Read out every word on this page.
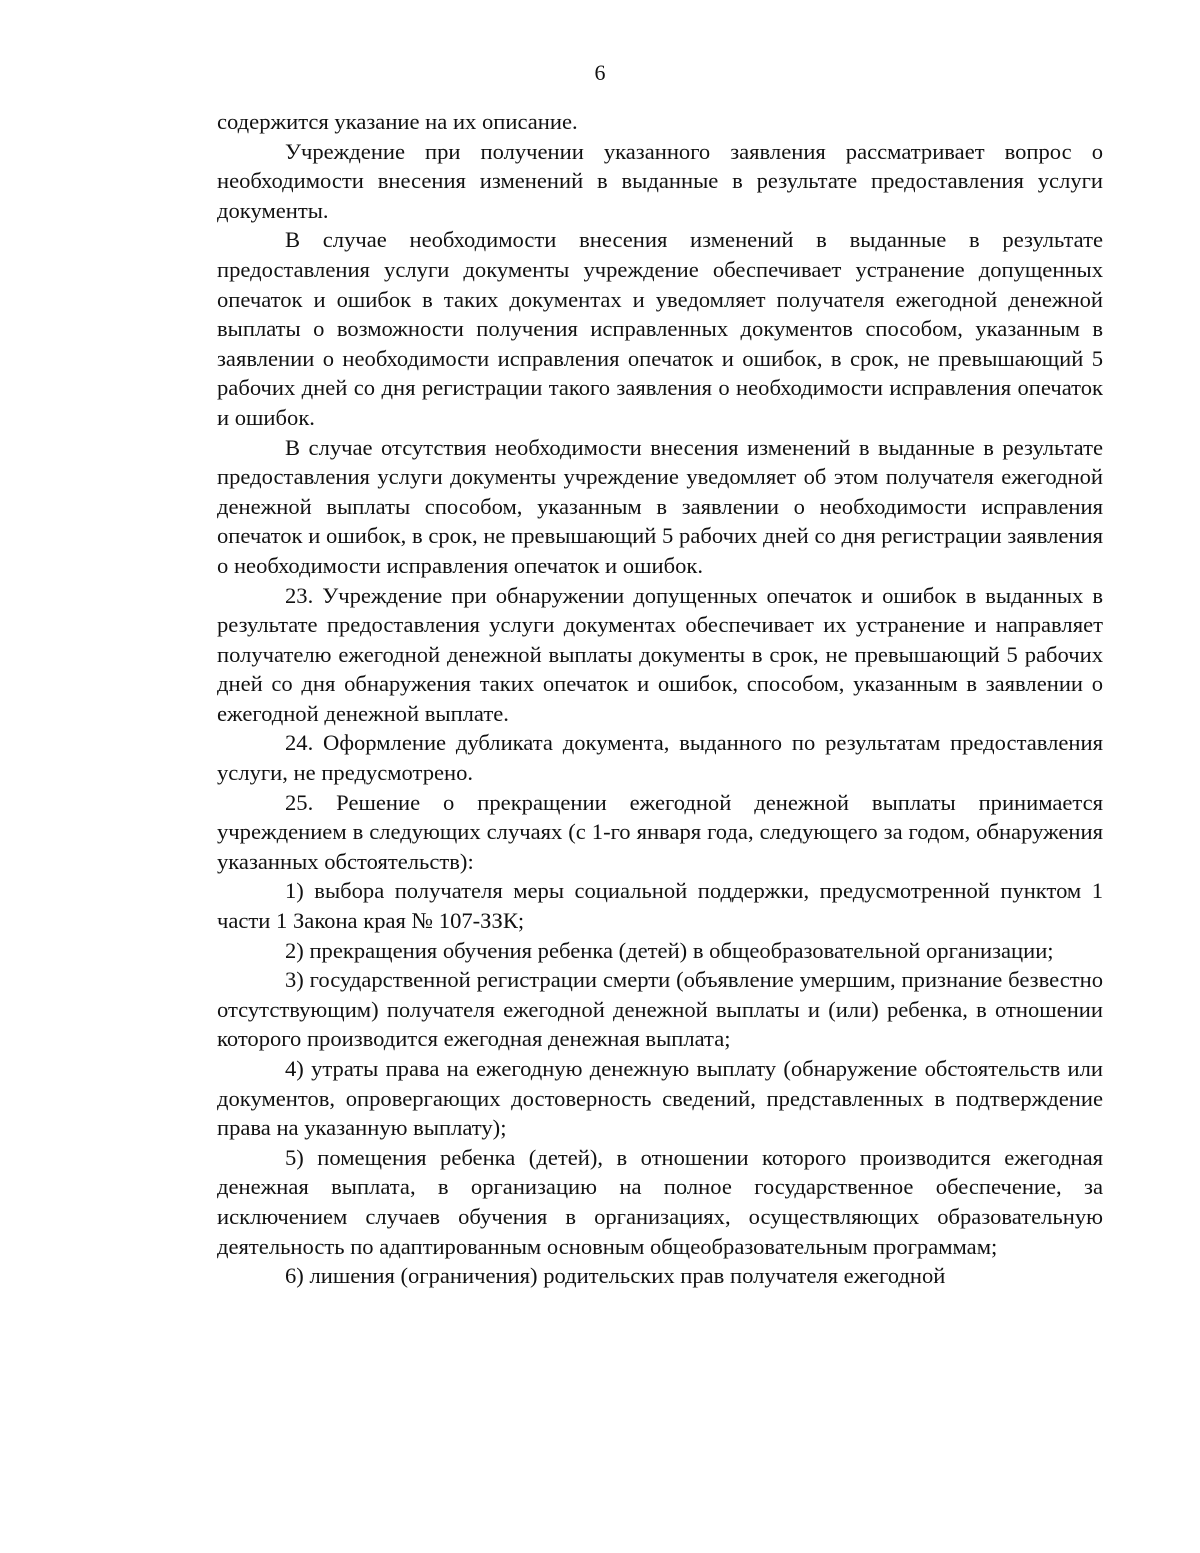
6

содержится указание на их описание.

Учреждение при получении указанного заявления рассматривает вопрос о необходимости внесения изменений в выданные в результате предоставления услуги документы.

В случае необходимости внесения изменений в выданные в результате предоставления услуги документы учреждение обеспечивает устранение допущенных опечаток и ошибок в таких документах и уведомляет получателя ежегодной денежной выплаты о возможности получения исправленных документов способом, указанным в заявлении о необходимости исправления опечаток и ошибок, в срок, не превышающий 5 рабочих дней со дня регистрации такого заявления о необходимости исправления опечаток и ошибок.

В случае отсутствия необходимости внесения изменений в выданные в результате предоставления услуги документы учреждение уведомляет об этом получателя ежегодной денежной выплаты способом, указанным в заявлении о необходимости исправления опечаток и ошибок, в срок, не превышающий 5 рабочих дней со дня регистрации заявления о необходимости исправления опечаток и ошибок.

23. Учреждение при обнаружении допущенных опечаток и ошибок в выданных в результате предоставления услуги документах обеспечивает их устранение и направляет получателю ежегодной денежной выплаты документы в срок, не превышающий 5 рабочих дней со дня обнаружения таких опечаток и ошибок, способом, указанным в заявлении о ежегодной денежной выплате.

24. Оформление дубликата документа, выданного по результатам предоставления услуги, не предусмотрено.

25. Решение о прекращении ежегодной денежной выплаты принимается учреждением в следующих случаях (с 1-го января года, следующего за годом, обнаружения указанных обстоятельств):

1) выбора получателя меры социальной поддержки, предусмотренной пунктом 1 части 1 Закона края № 107-ЗЗК;

2) прекращения обучения ребенка (детей) в общеобразовательной организации;

3) государственной регистрации смерти (объявление умершим, признание безвестно отсутствующим) получателя ежегодной денежной выплаты и (или) ребенка, в отношении которого производится ежегодная денежная выплата;

4) утраты права на ежегодную денежную выплату (обнаружение обстоятельств или документов, опровергающих достоверность сведений, представленных в подтверждение права на указанную выплату);

5) помещения ребенка (детей), в отношении которого производится ежегодная денежная выплата, в организацию на полное государственное обеспечение, за исключением случаев обучения в организациях, осуществляющих образовательную деятельность по адаптированным основным общеобразовательным программам;

6) лишения (ограничения) родительских прав получателя ежегодной
